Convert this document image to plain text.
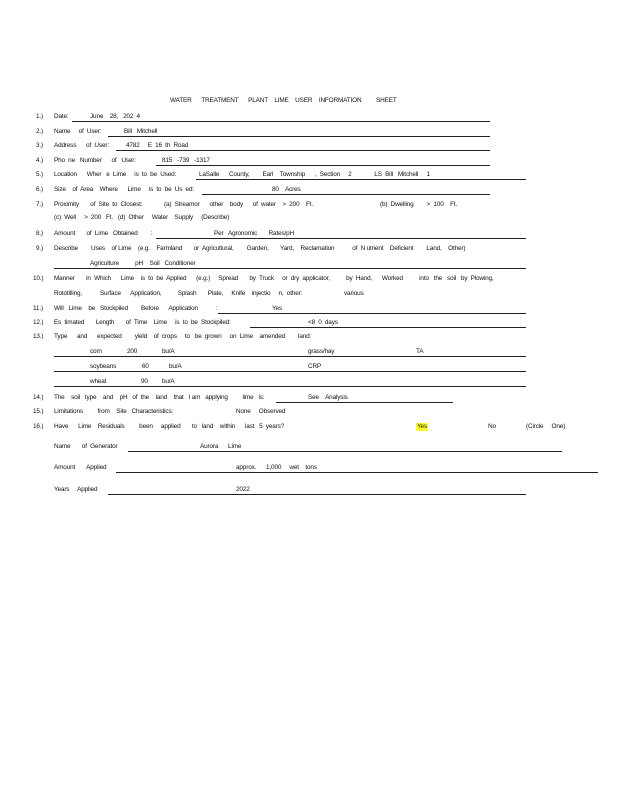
WATER      TREATMENT      PLANT    LIME    USER    INFORMATION         SHEET
1.) Date:	June    28,   202  4
2.) Name     of  User:	Bill   Mitchell
3.) Address      of  User:	4782     E  16  th  Road
4.) Pho  ne   Number      of   User:	815   -739   -1317
5.) Location      Wher   e  Lime     is  to  be  Used:	LaSalle      County,        Earl    Township      ,  Section     2              LS  Bill   Mitchell     1
6.) Size    of  Area    Where      Lime     is  to  be  Us  ed:	80    Acres
7.) Proximity       of  Site  to  Closest:	(a)  Streamor      other    body      of  water    >  200    Ft.	(b)  Dwelling        >  100    Ft.
(c)  Well     >  200   Ft.   (d)  Other     Water    Supply     (Describe)
8.) Amount       of  Lime   Obtained        :	Per   Agronomic       Rates/pH
9.) Describe        Uses    of Lime    (e.g.    Farmland       or  Agricultural,        Garden,       Yard,    Reclamation           of  N utrient    Deficient        Land,    Other)
Agriculture          pH    Soil   Conditioner
10.) Manner       in  Which      Lime    is  to  be  Applied      (e.g.)     Spread       by  Truck     or  dry  applicator,          by  Hand,      Worked          into   the   soil   by  Plowing,
Rototilling,           Surface      Application,          Splash       Plate,     Knife    injectio     n,  other:	various
11.) Will   Lime    be   Stockpiled        Before      Application           :	Yes
12.) Es  timated       Length       of  Time    Lime     is  to  be  Stockpiled:	<8  0  days
13.) Type      and      expected        yield    of  crops     to   be  grown     on  Lime    amended        land:
corn	200	bu/A	grass/hay	TA
soybeans	60	bu/A	CRP
wheat	90 bu/A
14.) The    soil   type    and    pH   of  the    land    that   I am   applying         lime   is:	See    Analysis
15.) Limitations         from    Site   Characteristics:	None     Observed
16.) Have      Lime    Residuals         been     applied       to   land    within      last   5  years?	Yes	No	(Circle     One)
Name       of  Generator	Aurora      Lime
Amount       Applied	approx.      1,000     wet    tons
Years     Applied	2022
